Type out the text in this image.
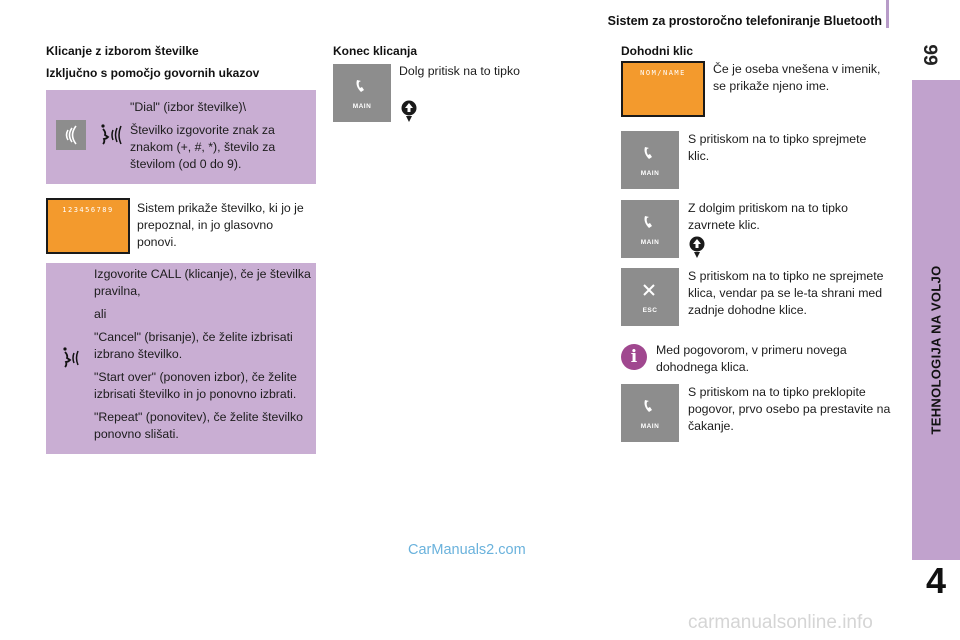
Sistem za prostoročno telefoniranje Bluetooth
99
TEHNOLOGIJA NA VOLJO
4
Klicanje z izborom številke
Izključno s pomočjo govornih ukazov
"Dial" (izbor številke)\
Številko izgovorite znak za znakom (+, #, *), število za številom (od 0 do 9).
123456789	Sistem prikaže številko, ki jo je prepoznal, in jo glasovno ponovi.
Izgovorite CALL (klicanje), če je številka pravilna,
ali
"Cancel" (brisanje), če želite izbrisati izbrano številko.
"Start over" (ponoven izbor), če želite izbrisati številko in jo ponovno izbrati.
"Repeat" (ponovitev), če želite številko ponovno slišati.
Konec klicanja
MAIN
Dolg pritisk na to tipko
Dohodni klic
NOM/NAME	Če je oseba vnešena v imenik, se prikaže njeno ime.
MAIN
S pritiskom na to tipko sprejmete klic.
MAIN
Z dolgim pritiskom na to tipko zavrnete klic.
ESC
S pritiskom na to tipko ne sprejmete klica, vendar pa se le-ta shrani med zadnje dohodne klice.
i	Med pogovorom, v primeru novega dohodnega klica.
MAIN
S pritiskom na to tipko preklopite pogovor, prvo osebo pa prestavite na čakanje.
CarManuals2.com
carmanualsonline.info
